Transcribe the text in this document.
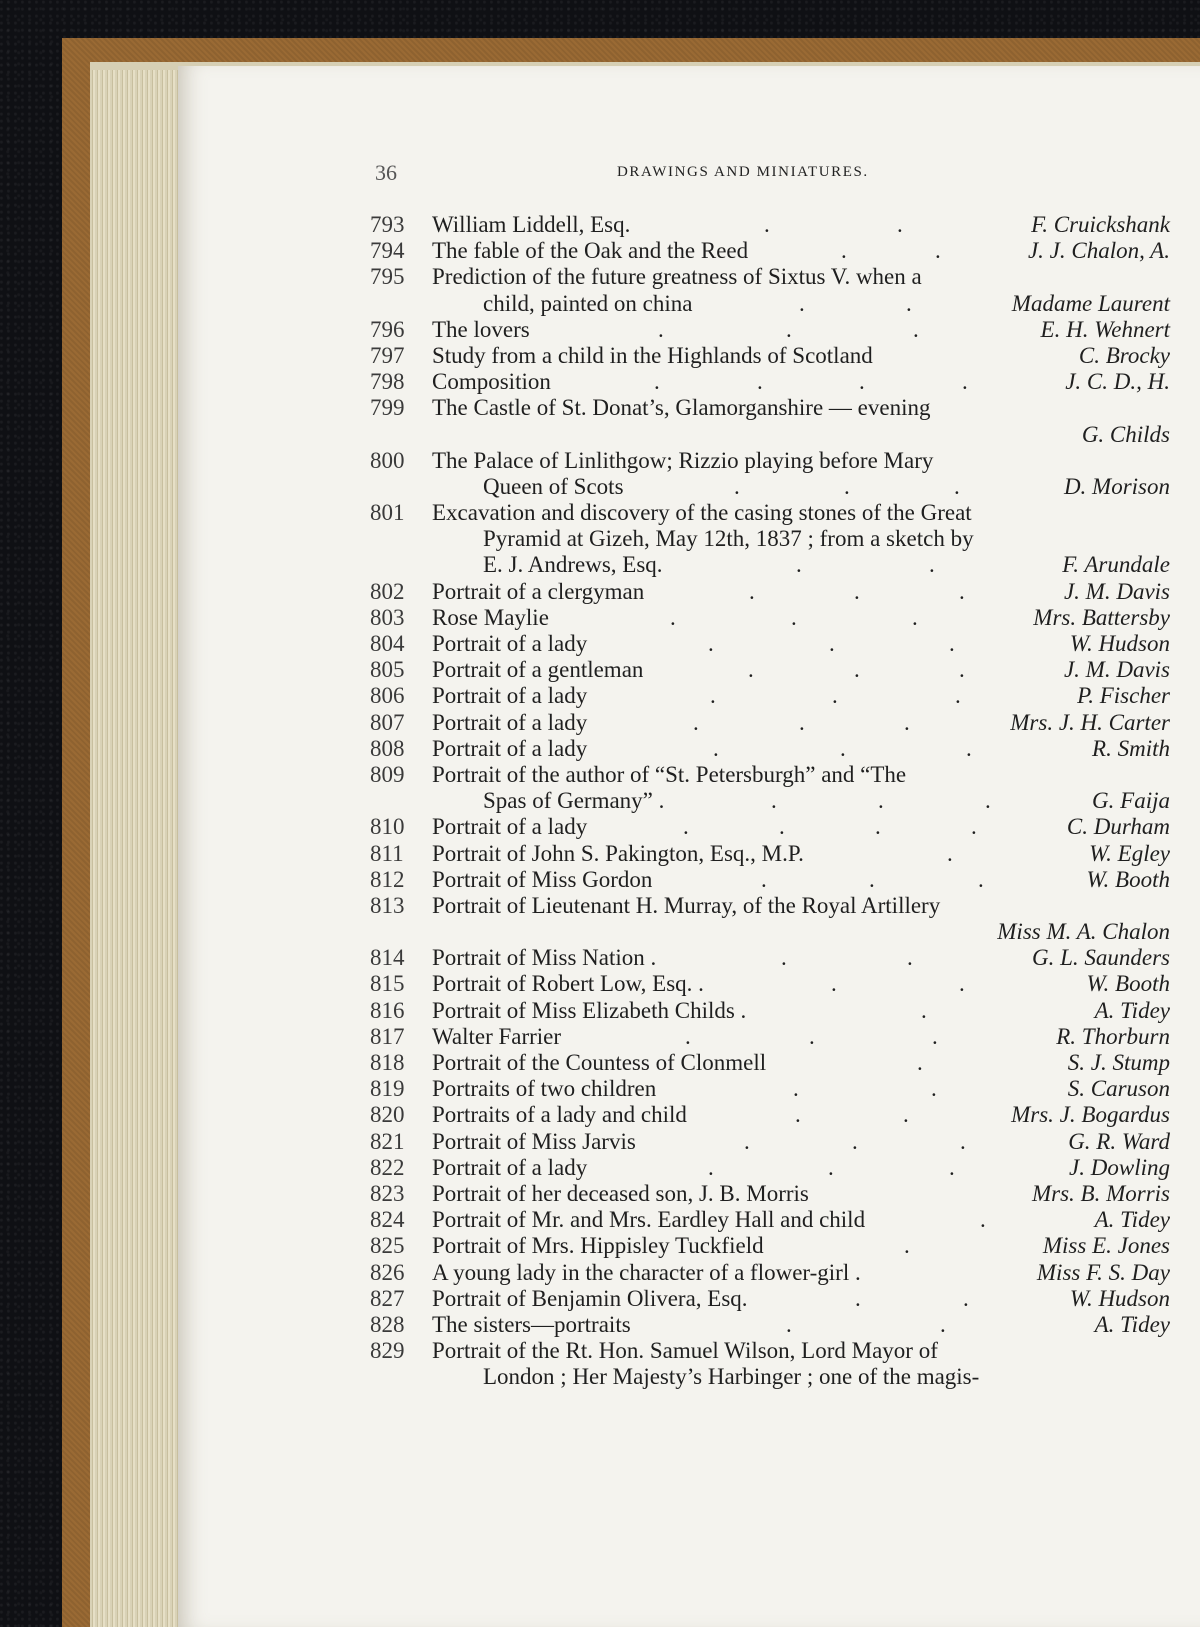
36	DRAWINGS AND MINIATURES.
793	William Liddell, Esq.	F. Cruickshank
.	.
794	The fable of the Oak and the Reed	J. J. Chalon, A.
.	.
795	Prediction of the future greatness of Sixtus V. when a
child, painted on china	Madame Laurent
.	.
796	The lovers	E. H. Wehnert
.	.	.
797	Study from a child in the Highlands of Scotland	C. Brocky
798	Composition	J. C. D., H.
.	.	.	.
799	The Castle of St. Donat’s, Glamorganshire — evening
G. Childs
800	The Palace of Linlithgow; Rizzio playing before Mary
Queen of Scots	D. Morison
.	.	.
801	Excavation and discovery of the casing stones of the Great
Pyramid at Gizeh, May 12th, 1837 ; from a sketch by
E. J. Andrews, Esq.	F. Arundale
.	.
802	Portrait of a clergyman	J. M. Davis
.	.	.
803	Rose Maylie	Mrs. Battersby
.	.	.
804	Portrait of a lady	W. Hudson
.	.	.
805	Portrait of a gentleman	J. M. Davis
.	.	.
806	Portrait of a lady	P. Fischer
.	.	.
807	Portrait of a lady	Mrs. J. H. Carter
.	.	.
808	Portrait of a lady	R. Smith
.	.	.
809	Portrait of the author of “St. Petersburgh” and “The
Spas of Germany” .	G. Faija
.	.	.
810	Portrait of a lady	C. Durham
.	.	.	.
811	Portrait of John S. Pakington, Esq., M.P.	W. Egley
.
812	Portrait of Miss Gordon	W. Booth
.	.	.
813	Portrait of Lieutenant H. Murray, of the Royal Artillery
Miss M. A. Chalon
814	Portrait of Miss Nation .	G. L. Saunders
.	.
815	Portrait of Robert Low, Esq. .	W. Booth
.	.
816	Portrait of Miss Elizabeth Childs .	A. Tidey
.
817	Walter Farrier	R. Thorburn
.	.	.
818	Portrait of the Countess of Clonmell	S. J. Stump
.
819	Portraits of two children	S. Caruson
.	.
820	Portraits of a lady and child	Mrs. J. Bogardus
.	.
821	Portrait of Miss Jarvis	G. R. Ward
.	.	.
822	Portrait of a lady	J. Dowling
.	.	.
823	Portrait of her deceased son, J. B. Morris	Mrs. B. Morris
824	Portrait of Mr. and Mrs. Eardley Hall and child	A. Tidey
.
825	Portrait of Mrs. Hippisley Tuckfield	Miss E. Jones
.
826	A young lady in the character of a flower-girl .	Miss F. S. Day
827	Portrait of Benjamin Olivera, Esq.	W. Hudson
.	.
828	The sisters—portraits	A. Tidey
.	.
829	Portrait of the Rt. Hon. Samuel Wilson, Lord Mayor of
London ; Her Majesty’s Harbinger ; one of the magis-
